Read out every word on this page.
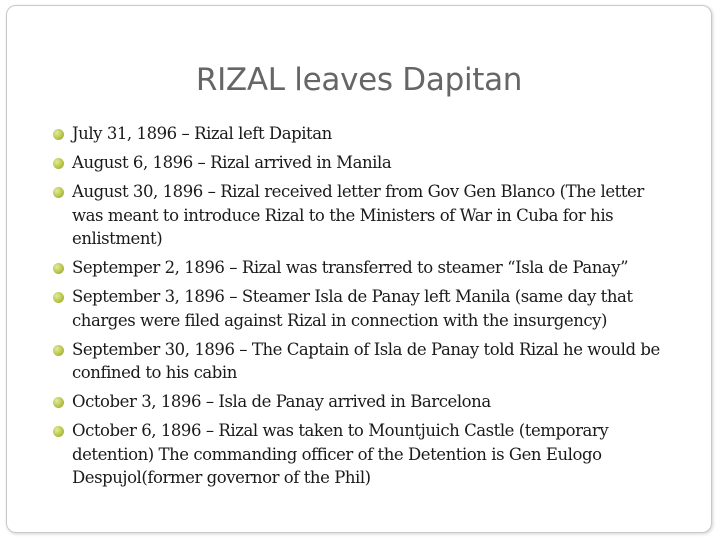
RIZAL leaves Dapitan
July 31, 1896 – Rizal left Dapitan
August 6, 1896 – Rizal arrived in Manila
August 30, 1896 – Rizal received letter from Gov Gen Blanco (The letter was meant to introduce Rizal to the Ministers of War in Cuba for his enlistment)
Septemper 2, 1896 – Rizal was transferred to steamer “Isla de Panay”
September 3, 1896 – Steamer Isla de Panay left Manila (same day that charges were filed against Rizal in connection with the insurgency)
September 30, 1896 – The Captain of Isla de Panay told Rizal he would be confined to his cabin
October 3, 1896 – Isla de Panay arrived in Barcelona
October 6, 1896 – Rizal was taken to Mountjuich Castle (temporary detention) The commanding officer of the Detention is Gen Eulogo Despujol(former governor of the Phil)
